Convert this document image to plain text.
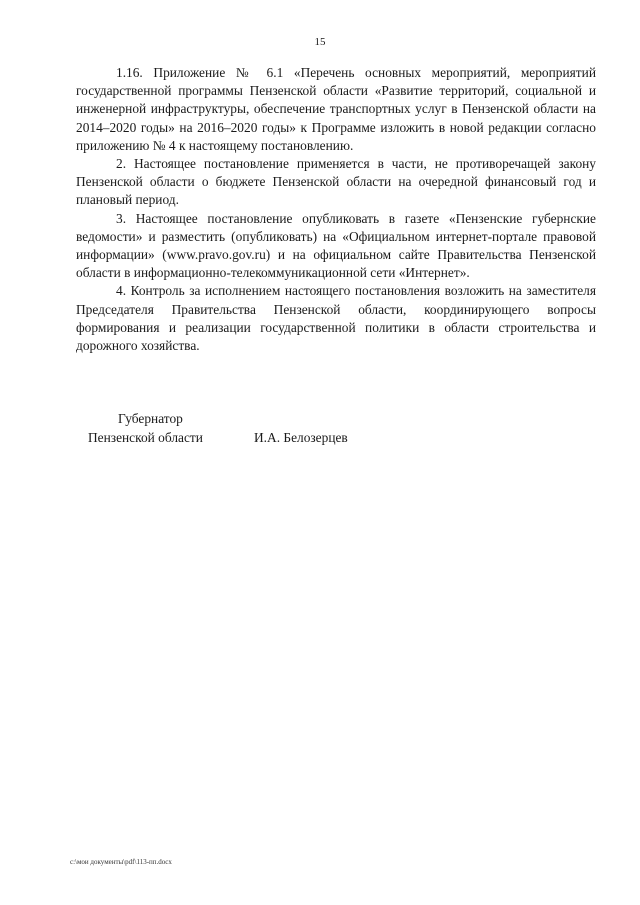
15

1.16. Приложение № 6.1 «Перечень основных мероприятий, мероприятий государственной программы Пензенской области «Развитие территорий, социальной и инженерной инфраструктуры, обеспечение транспортных услуг в Пензенской области на 2014–2020 годы» на 2016–2020 годы» к Программе изложить в новой редакции согласно приложению № 4 к настоящему постановлению.

2. Настоящее постановление применяется в части, не противоречащей закону Пензенской области о бюджете Пензенской области на очередной финансовый год и плановый период.

3. Настоящее постановление опубликовать в газете «Пензенские губернские ведомости» и разместить (опубликовать) на «Официальном интернет-портале правовой информации» (www.pravo.gov.ru) и на официальном сайте Правительства Пензенской области в информационно-телекоммуникационной сети «Интернет».

4. Контроль за исполнением настоящего постановления возложить на заместителя Председателя Правительства Пензенской области, координирующего вопросы формирования и реализации государственной политики в области строительства и дорожного хозяйства.

Губернатор
Пензенской области	И.А. Белозерцев
c:\мои документы\pdf\113-пп.docx
